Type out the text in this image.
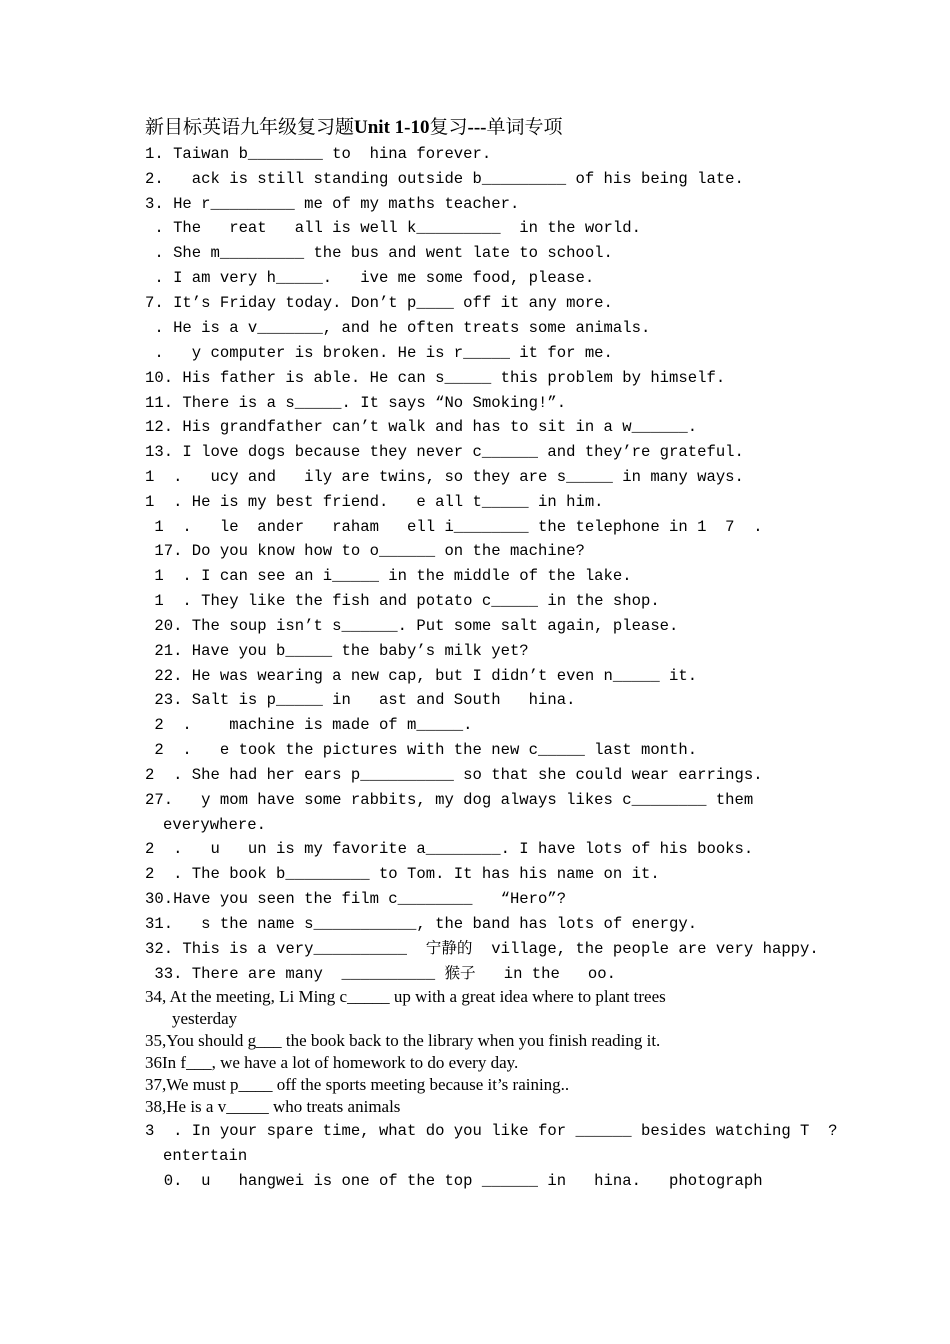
新目标英语九年级复习题Unit 1-10复习---单词专项
1. Taiwan b________ to  hina forever.
2.   ack is still standing outside b_________ of his being late.
3. He r_________ me of my maths teacher.
. The   reat   all is well k_________  in the world.
. She m_________ the bus and went late to school.
. I am very h_____.   ive me some food, please.
7. It’s Friday today. Don’t p____ off it any more.
. He is a v_______, and he often treats some animals.
.   y computer is broken. He is r_____ it for me.
10. His father is able. He can s_____ this problem by himself.
11. There is a s_____. It says “No Smoking!”.
12. His grandfather can’t walk and has to sit in a w______.
13. I love dogs because they never c______ and they’re grateful.
1  .   ucy and   ily are twins, so they are s_____ in many ways.
1  . He is my best friend.   e all t_____ in him.
1  .   le  ander   raham   ell i________ the telephone in 1  7  .
17. Do you know how to o______ on the machine?
1  . I can see an i_____ in the middle of the lake.
1  . They like the fish and potato c_____ in the shop.
20. The soup isn’t s______. Put some salt again, please.
21. Have you b_____ the baby’s milk yet?
22. He was wearing a new cap, but I didn’t even n_____ it.
23. Salt is p_____ in   ast and South   hina.
2  .    machine is made of m_____.
2  .   e took the pictures with the new c_____ last month.
2  . She had her ears p__________ so that she could wear earrings.
27.   y mom have some rabbits, my dog always likes c________ them
everywhere.
2  .   u   un is my favorite a________. I have lots of his books.
2  . The book b_________ to Tom. It has his name on it.
30.Have you seen the film c________   “Hero”?
31.   s the name s___________, the band has lots of energy.
32. This is a very__________  宁静的  village, the people are very happy.
33. There are many  __________ 猴子   in the   oo.
34, At the meeting, Li Ming c_____ up with a great idea where to plant trees
yesterday
35,You should g___ the book back to the library when you finish reading it.
36In f___, we have a lot of homework to do every day.
37,We must p____ off the sports meeting because it’s raining..
38,He is a v_____ who treats animals
3  . In your spare time, what do you like for ______ besides watching T  ?
entertain
0.  u   hangwei is one of the top ______ in   hina.   photograph
